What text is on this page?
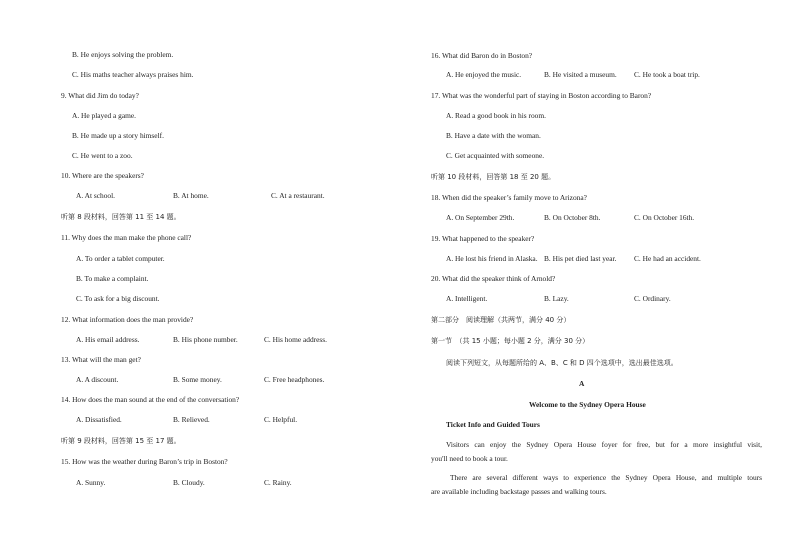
B. He enjoys solving the problem.
C. His maths teacher always praises him.
9. What did Jim do today?
A. He played a game.
B. He made up a story himself.
C. He went to a zoo.
10. Where are the speakers?
A. At school.	B. At home.	C. At a restaurant.
听第 8 段材料，回答第 11 至 14 题。
11. Why does the man make the phone call?
A. To order a tablet computer.
B. To make a complaint.
C. To ask for a big discount.
12. What information does the man provide?
A. His email address.	B. His phone number.	C. His home address.
13. What will the man get?
A. A discount.	B. Some money.	C. Free headphones.
14. How does the man sound at the end of the conversation?
A. Dissatisfied.	B. Relieved.	C. Helpful.
听第 9 段材料，回答第 15 至 17 题。
15. How was the weather during Baron’s trip in Boston?
A. Sunny.	B. Cloudy.	C. Rainy.
16. What did Baron do in Boston?
A. He enjoyed the music.	B. He visited a museum. C. He took a boat trip.
17. What was the wonderful part of staying in Boston according to Baron?
A. Read a good book in his room.
B. Have a date with the woman.
C. Get acquainted with someone.
听第 10 段材料，回答第 18 至 20 题。
18. When did the speaker’s family move to Arizona?
A. On September 29th.	B. On October 8th.	C. On October 16th.
19. What happened to the speaker?
A. He lost his friend in Alaska. B. His pet died last year. C. He had an accident.
20. What did the speaker think of Arnold?
A. Intelligent.	B. Lazy.	C. Ordinary.
第二部分　阅读理解（共两节，满分 40 分）
第一节　（共 15 小题；每小题 2 分，满分 30 分）
阅读下列短文，从每题所给的 A、B、C 和 D 四个选项中，选出最佳选项。
A
Welcome to the Sydney Opera House
Ticket Info and Guided Tours
Visitors can enjoy the Sydney Opera House foyer for free, but for a more insightful visit,
you'll need to book a tour.
There are several different ways to experience the Sydney Opera House, and multiple tours
are available including backstage passes and walking tours.
